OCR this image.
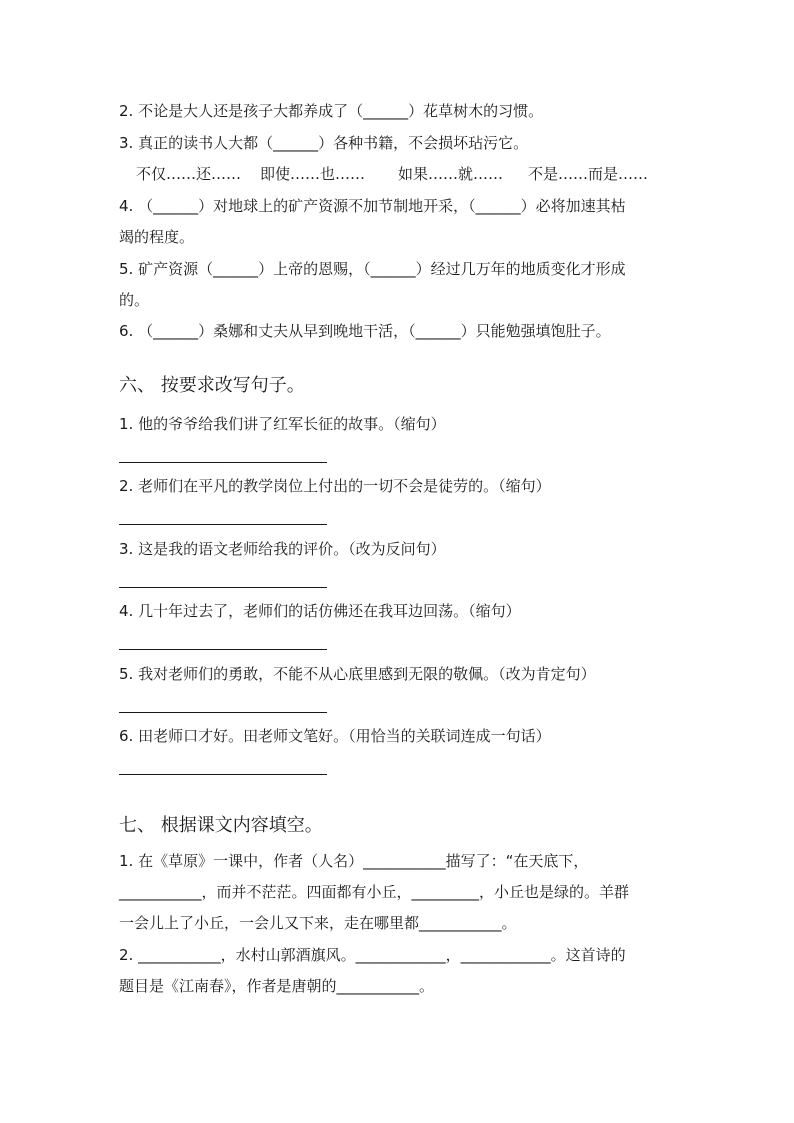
2. 不论是大人还是孩子大都养成了（______）花草树木的习惯。
3. 真正的读书人大都（______）各种书籍，不会损坏玷污它。
不仅……还…… 即使……也…… 如果……就…… 不是……而是……
4. （______）对地球上的矿产资源不加节制地开采，（______）必将加速其枯
竭的程度。
5. 矿产资源（______）上帝的恩赐，（______）经过几万年的地质变化才形成
的。
6. （______）桑娜和丈夫从早到晚地干活，（______）只能勉强填饱肚子。
六、 按要求改写句子。
1. 他的爷爷给我们讲了红军长征的故事。（缩句）
2. 老师们在平凡的教学岗位上付出的一切不会是徒劳的。（缩句）
3. 这是我的语文老师给我的评价。（改为反问句）
4. 几十年过去了，老师们的话仿佛还在我耳边回荡。（缩句）
5. 我对老师们的勇敢，不能不从心底里感到无限的敬佩。（改为肯定句）
6. 田老师口才好。田老师文笔好。（用恰当的关联词连成一句话）
七、 根据课文内容填空。
1. 在《草原》一课中，作者（人名）___________描写了：“在天底下，
___________，而并不茫茫。四面都有小丘，_________，小丘也是绿的。羊群
一会儿上了小丘，一会儿又下来，走在哪里都___________。
2. ___________，水村山郭酒旗风。____________，____________。这首诗的
题目是《江南春》，作者是唐朝的___________。
